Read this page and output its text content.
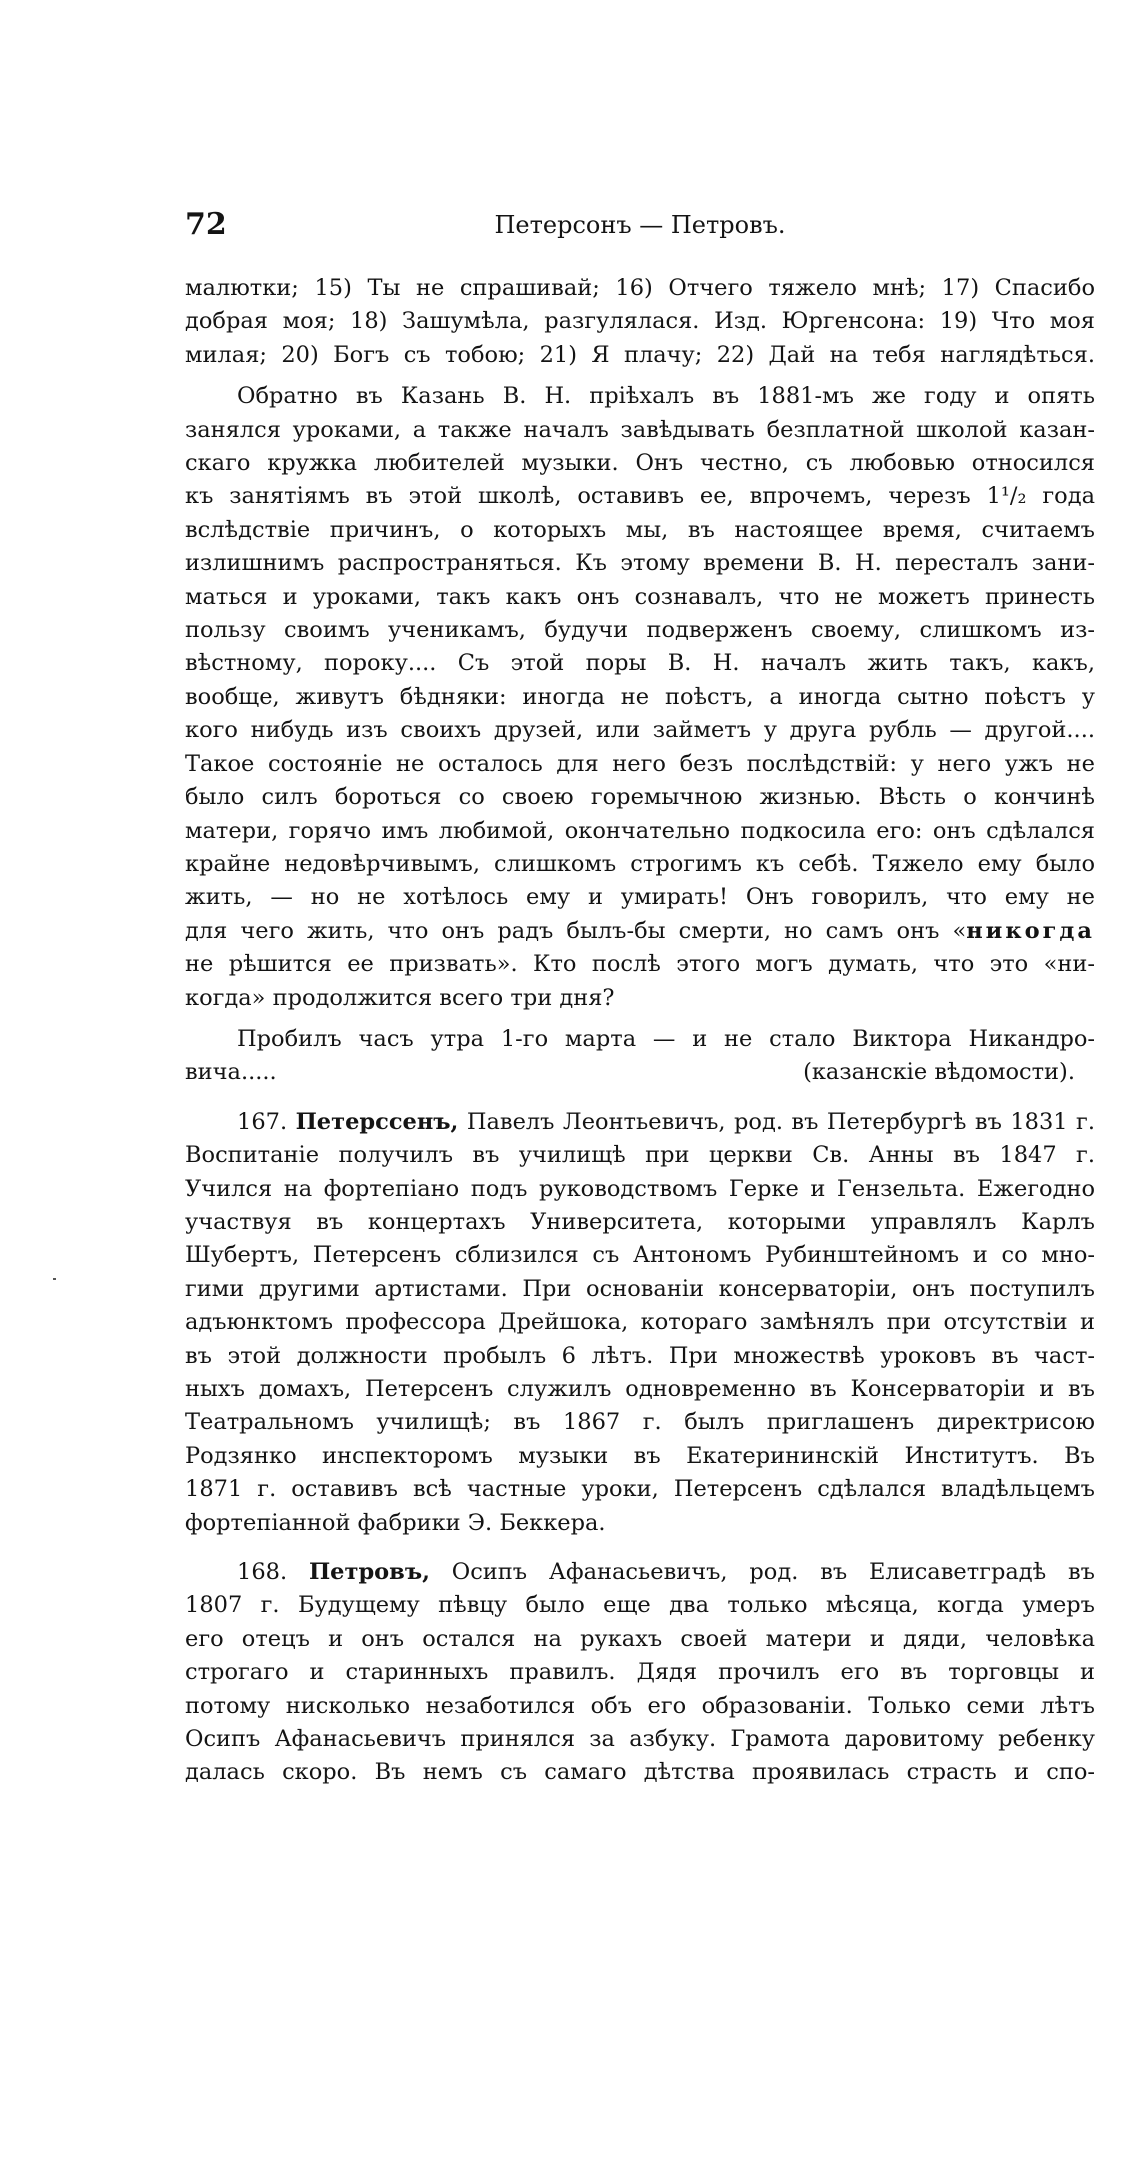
72	Петерсонъ — Петровъ.
малютки; 15) Ты не спрашивай; 16) Отчего тяжело мнѣ; 17) Спасибо
добрая моя; 18) Зашумѣла, разгулялася. Изд. Юргенсона: 19) Что моя
милая; 20) Богъ съ тобою; 21) Я плачу; 22) Дай на тебя наглядѣться.
Обратно въ Казань В. Н. пріѣхалъ въ 1881-мъ же году и опять
занялся уроками, а также началъ завѣдывать безплатной школой казан-
скаго кружка любителей музыки. Онъ честно, съ любовью относился
къ занятіямъ въ этой школѣ, оставивъ ее, впрочемъ, черезъ 1¹/₂ года
вслѣдствіе причинъ, о которыхъ мы, въ настоящее время, считаемъ
излишнимъ распространяться. Къ этому времени В. Н. пересталъ зани-
маться и уроками, такъ какъ онъ сознавалъ, что не можетъ принесть
пользу своимъ ученикамъ, будучи подверженъ своему, слишкомъ из-
вѣстному, пороку.... Съ этой поры В. Н. началъ жить такъ, какъ,
вообще, живутъ бѣдняки: иногда не поѣстъ, а иногда сытно поѣстъ у
кого нибудь изъ своихъ друзей, или займетъ у друга рубль — другой....
Такое состояніе не осталось для него безъ послѣдствій: у него ужъ не
было силъ бороться со своею горемычною жизнью. Вѣсть о кончинѣ
матери, горячо имъ любимой, окончательно подкосила его: онъ сдѣлался
крайне недовѣрчивымъ, слишкомъ строгимъ къ себѣ. Тяжело ему было
жить, — но не хотѣлось ему и умирать! Онъ говорилъ, что ему не
для чего жить, что онъ радъ былъ-бы смерти, но самъ онъ «никогда
не рѣшится ее призвать». Кто послѣ этого могъ думать, что это «ни-
когда» продолжится всего три дня?
Пробилъ часъ утра 1-го марта — и не стало Виктора Никандро-
вича.....	(казанскіе вѣдомости).
167. Петерссенъ, Павелъ Леонтьевичъ, род. въ Петербургѣ въ 1831 г.
Воспитаніе получилъ въ училищѣ при церкви Св. Анны въ 1847 г.
Учился на фортепіано подъ руководствомъ Герке и Гензельта. Ежегодно
участвуя въ концертахъ Университета, которыми управлялъ Карлъ
Шубертъ, Петерсенъ сблизился съ Антономъ Рубинштейномъ и со мно-
гими другими артистами. При основаніи консерваторіи, онъ поступилъ
адъюнктомъ профессора Дрейшока, котораго замѣнялъ при отсутствіи и
въ этой должности пробылъ 6 лѣтъ. При множествѣ уроковъ въ част-
ныхъ домахъ, Петерсенъ служилъ одновременно въ Консерваторіи и въ
Театральномъ училищѣ; въ 1867 г. былъ приглашенъ директрисою
Родзянко инспекторомъ музыки въ Екатерининскій Институтъ. Въ
1871 г. оставивъ всѣ частные уроки, Петерсенъ сдѣлался владѣльцемъ
фортепіанной фабрики Э. Беккера.
168. Петровъ, Осипъ Афанасьевичъ, род. въ Елисаветградѣ въ
1807 г. Будущему пѣвцу было еще два только мѣсяца, когда умеръ
его отецъ и онъ остался на рукахъ своей матери и дяди, человѣка
строгаго и старинныхъ правилъ. Дядя прочилъ его въ торговцы и
потому нисколько незаботился объ его образованіи. Только семи лѣтъ
Осипъ Афанасьевичъ принялся за азбуку. Грамота даровитому ребенку
далась скоро. Въ немъ съ самаго дѣтства проявилась страсть и спо-
